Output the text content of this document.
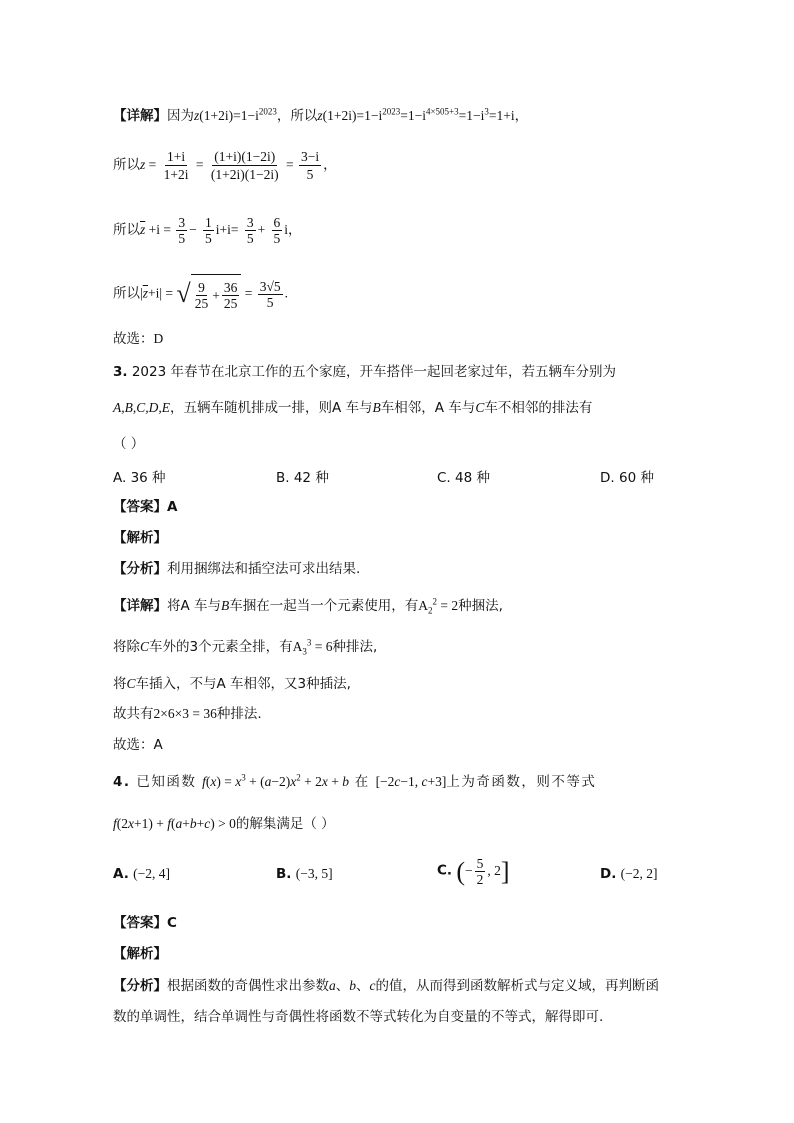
【详解】因为$z(1+2i)=1-i^{2023}$，所以$z(1+2i)=1-i^{2023}=1-i^{4\times 505+3}=1-i^3=1+i$，
所以$z = \frac{1+i}{1+2i} = \frac{(1+i)(1-2i)}{(1+2i)(1-2i)} = \frac{3-i}{5}$ ，
所以$\overline{z} +i = \frac{3}{5} - \frac{1}{5} i+i= \frac{3}{5} + \frac{6}{5}$ i，
所以$|\overline{z}+i|$ = √ $\frac{9}{25} + \frac{36}{25} = \frac{3√5}{5}$ .
故选：D
3. 2023 年春节在北京工作的五个家庭，开车搭伴一起回老家过年，若五辆车分别为
A,B,C,D,E，五辆车随机排成一排，则A 车与B车相邻，A 车与C车不相邻的排法有
（ ）
A. 36 种	B. 42 种	C. 48 种	D. 60 种
【答案】A
【解析】
【分析】利用捆绑法和插空法可求出结果.
【详解】将A 车与B车捆在一起当一个元素使用，有$A_2^2 = 2$种捆法,
将除C车外的3个元素全排，有$A_3^3 = 6$种排法,
将C车插入，不与A 车相邻，又3种插法,
故共有2×6×3 = 36种排法.
故选：A
4. 已知函数 $f(x) = x^3 + (a-2)x^2 + 2x + b$ 在 [−2c−1, c+3]上为奇函数，则不等式
f(2x+1) + f(a+b+c) > 0的解集满足（ ）
A. (−2, 4]	B. (−3, 5]	C. (− $\frac{5}{2}$ , 2]	D. (−2, 2]
【答案】C
【解析】
【分析】根据函数的奇偶性求出参数a、b、c的值，从而得到函数解析式与定义域，再判断函
数的单调性，结合单调性与奇偶性将函数不等式转化为自变量的不等式，解得即可.
